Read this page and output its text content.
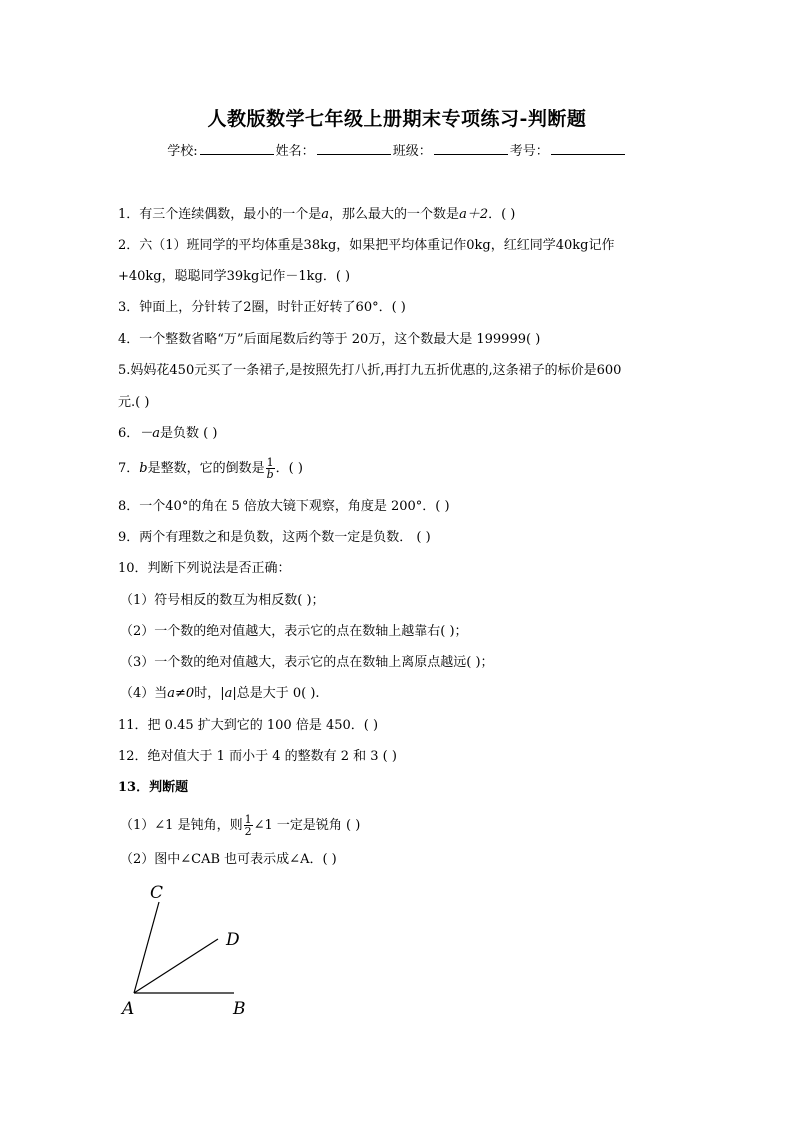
人教版数学七年级上册期末专项练习-判断题
学校:	姓名：	班级：	考号：
1．有三个连续偶数，最小的一个是a，那么最大的一个数是a＋2．( )
2．六（1）班同学的平均体重是38kg，如果把平均体重记作0kg，红红同学40kg记作
+40kg，聪聪同学39kg记作－1kg．( )
3．钟面上，分针转了2圈，时针正好转了60°．( )
4．一个整数省略“万”后面尾数后约等于 20万，这个数最大是 199999( )
5.妈妈花450元买了一条裙子,是按照先打八折,再打九五折优惠的,这条裙子的标价是600
元.( )
6．－a是负数 ( )
7．b是整数，它的倒数是 $\frac{1}{b}$ ．( )
8．一个40°的角在 5 倍放大镜下观察，角度是 200°．( )
9．两个有理数之和是负数，这两个数一定是负数． ( )
10．判断下列说法是否正确：
（1）符号相反的数互为相反数( )；
（2）一个数的绝对值越大，表示它的点在数轴上越靠右( )；
（3）一个数的绝对值越大，表示它的点在数轴上离原点越远( )；
（4）当a≠0时，|a|总是大于 0( ).
11．把 0.45 扩大到它的 100 倍是 450．( )
12．绝对值大于 1 而小于 4 的整数有 2 和 3 ( )
13．判断题
（1）∠1 是钝角，则 $\frac{1}{2}$ ∠1 一定是锐角 ( )
（2）图中∠CAB 也可表示成∠A．( )
C
D
A	B
